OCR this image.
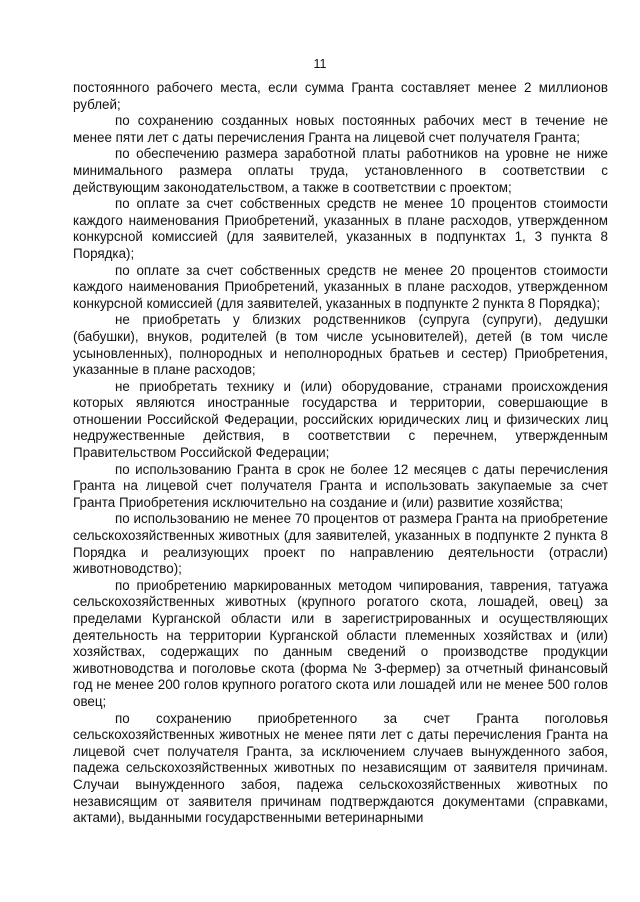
11

постоянного рабочего места, если сумма Гранта составляет менее 2 миллионов рублей;

по сохранению созданных новых постоянных рабочих мест в течение не менее пяти лет с даты перечисления Гранта на лицевой счет получателя Гранта;

по обеспечению размера заработной платы работников на уровне не ниже минимального размера оплаты труда, установленного в соответствии с действующим законодательством, а также в соответствии с проектом;

по оплате за счет собственных средств не менее 10 процентов стоимости каждого наименования Приобретений, указанных в плане расходов, утвержденном конкурсной комиссией (для заявителей, указанных в подпунктах 1, 3 пункта 8 Порядка);

по оплате за счет собственных средств не менее 20 процентов стоимости каждого наименования Приобретений, указанных в плане расходов, утвержденном конкурсной комиссией (для заявителей, указанных в подпункте 2 пункта 8 Порядка);

не приобретать у близких родственников (супруга (супруги), дедушки (бабушки), внуков, родителей (в том числе усыновителей), детей (в том числе усыновленных), полнородных и неполнородных братьев и сестер) Приобретения, указанные в плане расходов;

не приобретать технику и (или) оборудование, странами происхождения которых являются иностранные государства и территории, совершающие в отношении Российской Федерации, российских юридических лиц и физических лиц недружественные действия, в соответствии с перечнем, утвержденным Правительством Российской Федерации;

по использованию Гранта в срок не более 12 месяцев с даты перечисления Гранта на лицевой счет получателя Гранта и использовать закупаемые за счет Гранта Приобретения исключительно на создание и (или) развитие хозяйства;

по использованию не менее 70 процентов от размера Гранта на приобретение сельскохозяйственных животных (для заявителей, указанных в подпункте 2 пункта 8 Порядка и реализующих проект по направлению деятельности (отрасли) животноводство);

по приобретению маркированных методом чипирования, таврения, татуажа сельскохозяйственных животных (крупного рогатого скота, лошадей, овец) за пределами Курганской области или в зарегистрированных и осуществляющих деятельность на территории Курганской области племенных хозяйствах и (или) хозяйствах, содержащих по данным сведений о производстве продукции животноводства и поголовье скота (форма № 3-фермер) за отчетный финансовый год не менее 200 голов крупного рогатого скота или лошадей или не менее 500 голов овец;

по сохранению приобретенного за счет Гранта поголовья сельскохозяйственных животных не менее пяти лет с даты перечисления Гранта на лицевой счет получателя Гранта, за исключением случаев вынужденного забоя, падежа сельскохозяйственных животных по независящим от заявителя причинам. Случаи вынужденного забоя, падежа сельскохозяйственных животных по независящим от заявителя причинам подтверждаются документами (справками, актами), выданными государственными ветеринарными
